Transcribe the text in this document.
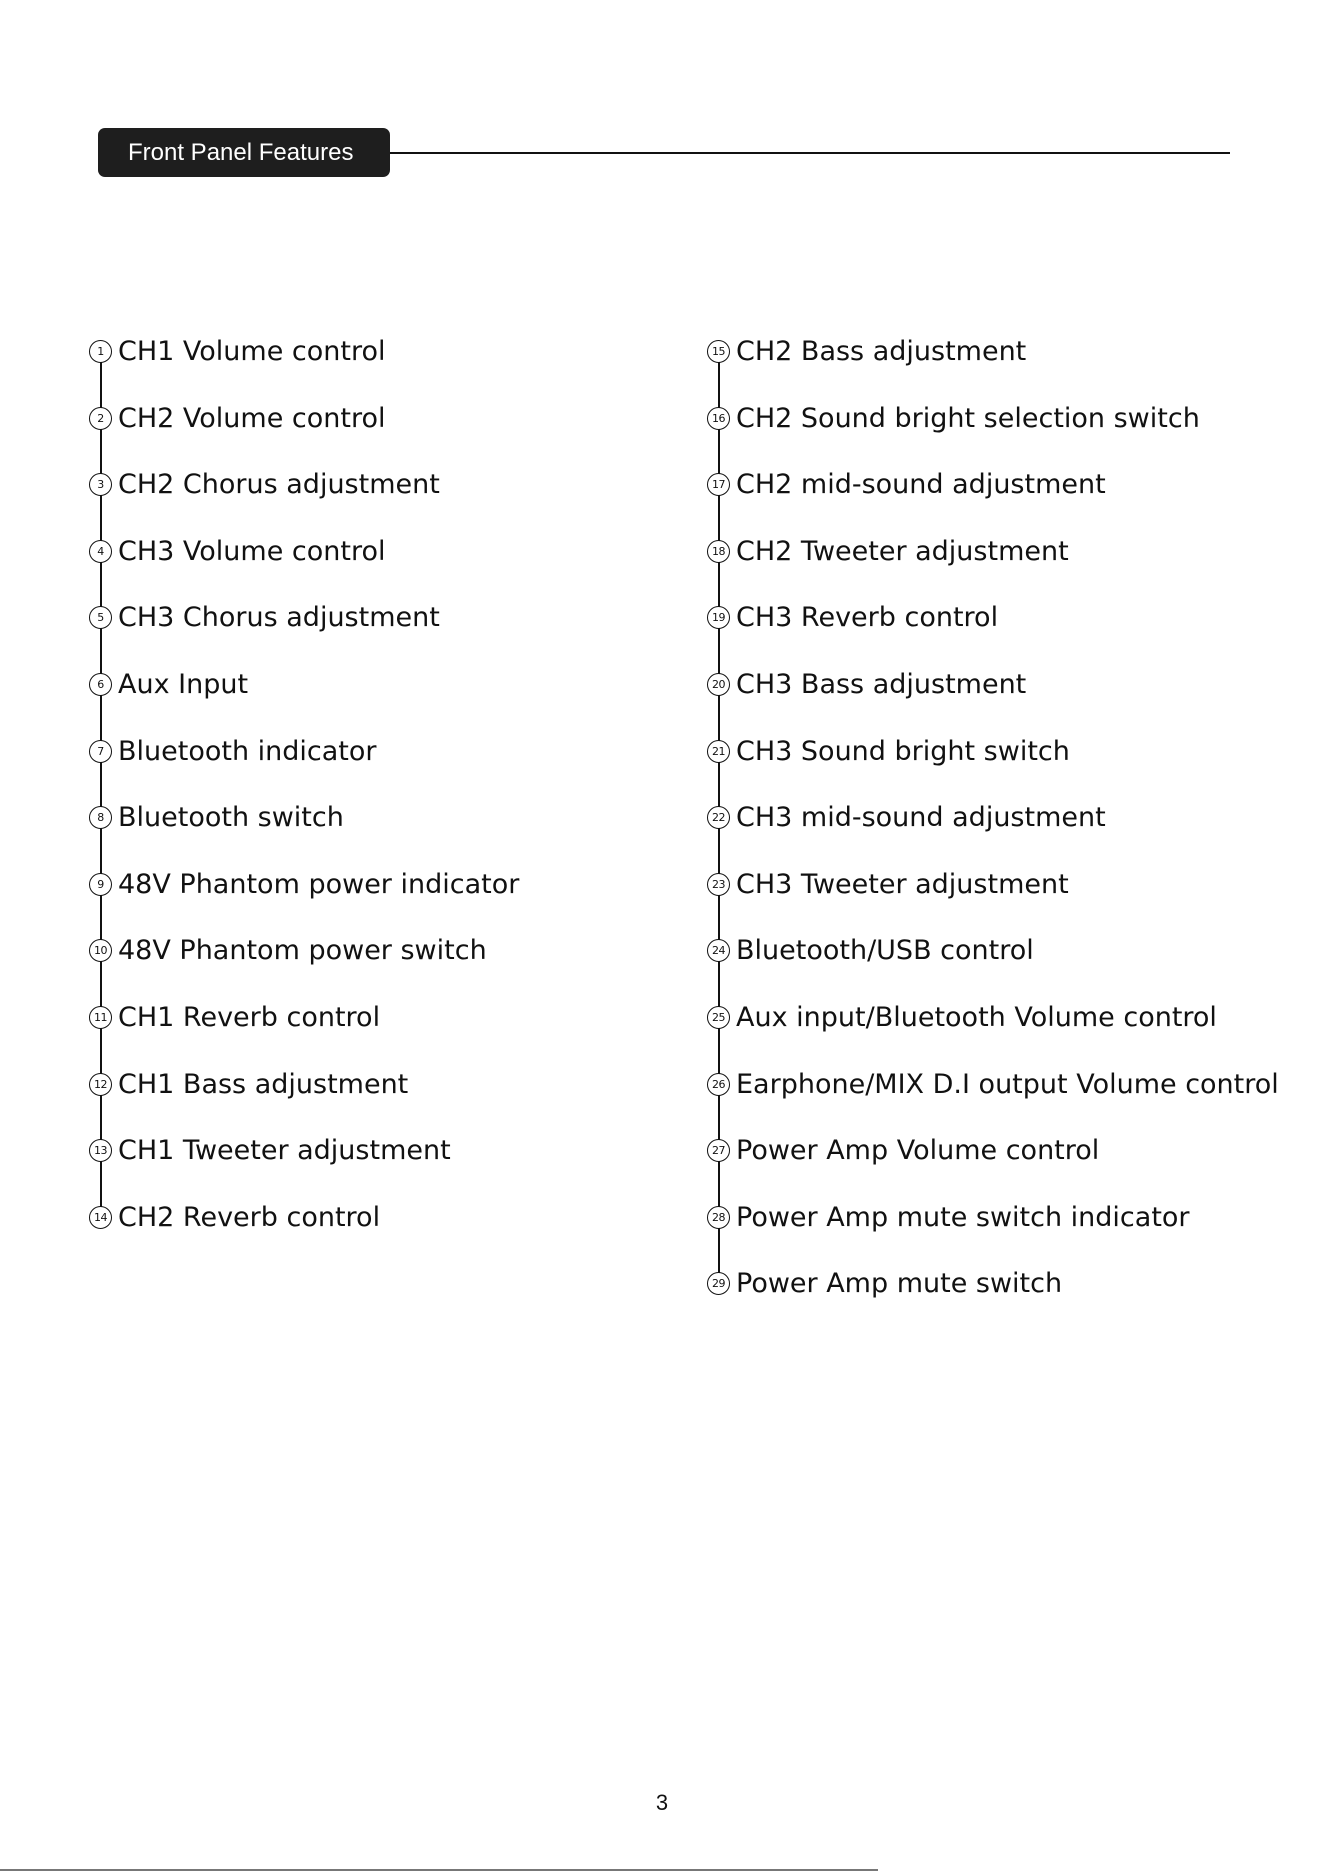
Front Panel Features
1 CH1 Volume control
2 CH2 Volume control
3 CH2 Chorus adjustment
4 CH3 Volume control
5 CH3 Chorus adjustment
6 Aux Input
7 Bluetooth indicator
8 Bluetooth switch
9 48V Phantom power indicator
10 48V Phantom power switch
11 CH1 Reverb control
12 CH1 Bass adjustment
13 CH1 Tweeter adjustment
14 CH2 Reverb control
15 CH2 Bass adjustment
16 CH2 Sound bright selection switch
17 CH2 mid-sound adjustment
18 CH2 Tweeter adjustment
19 CH3 Reverb control
20 CH3 Bass adjustment
21 CH3 Sound bright switch
22 CH3 mid-sound adjustment
23 CH3 Tweeter adjustment
24 Bluetooth/USB control
25 Aux input/Bluetooth Volume control
26 Earphone/MIX D.I output Volume control
27 Power Amp Volume control
28 Power Amp mute switch indicator
29 Power Amp mute switch
3
